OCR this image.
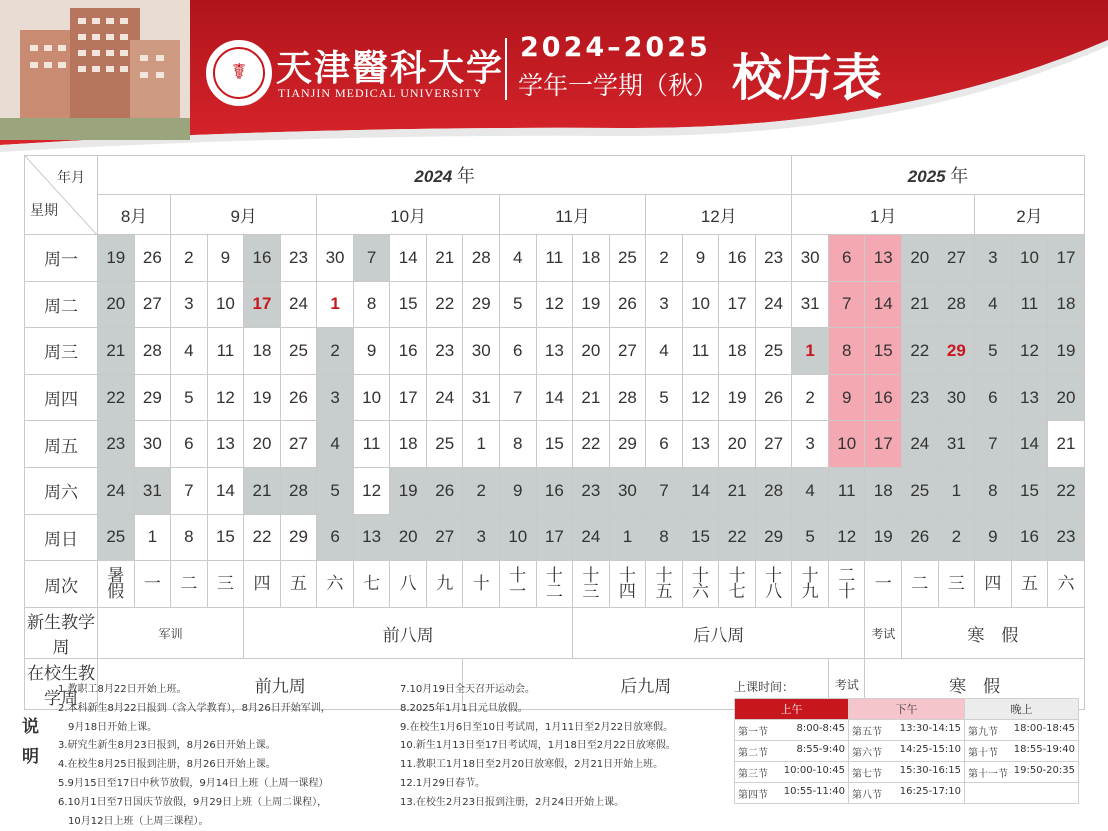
☤ 天津醫科大学
TIANJIN MEDICAL UNIVERSITY
2024–2025
学年一学期（秋） 校历表
年月
星期	2024 年																			2025 年							
	8月		9月				10月					11月				12月				1月					2月		
周一	19	26	2	9	16	23	30	7	14	21	28	4	11	18	25	2	9	16	23	30	6	13	20	27	3	10	17
周二	20	27	3	10	17	24	1	8	15	22	29	5	12	19	26	3	10	17	24	31	7	14	21	28	4	11	18
周三	21	28	4	11	18	25	2	9	16	23	30	6	13	20	27	4	11	18	25	1	8	15	22	29	5	12	19
周四	22	29	5	12	19	26	3	10	17	24	31	7	14	21	28	5	12	19	26	2	9	16	23	30	6	13	20
周五	23	30	6	13	20	27	4	11	18	25	1	8	15	22	29	6	13	20	27	3	10	17	24	31	7	14	21
周六	24	31	7	14	21	28	5	12	19	26	2	9	16	23	30	7	14	21	28	4	11	18	25	1	8	15	22
周日	25	1	8	15	22	29	6	13	20	27	3	10	17	24	1	8	15	22	29	5	12	19	26	2	9	16	23
周次	暑假	一	二	三	四	五	六	七	八	九	十	十一	十二	十三	十四	十五	十六	十七	十八	十九	二十	一	二	三	四	五	六
新生教学周	军训				前八周									后八周								考试	寒　假				
在校生教学周	前九周										后九周										考试	寒　假					
说明
1.教职工8月22日开始上班。
2.本科新生8月22日报到（含入学教育），8月26日开始军训，
　9月18日开始上课。
3.研究生新生8月23日报到，8月26日开始上课。
4.在校生8月25日报到注册，8月26日开始上课。
5.9月15日至17日中秋节放假，9月14日上班（上周一课程）
6.10月1日至7日国庆节放假，9月29日上班（上周二课程），
　10月12日上班（上周三课程）。
7.10月19日全天召开运动会。
8.2025年1月1日元旦放假。
9.在校生1月6日至10日考试周，1月11日至2月22日放寒假。
10.新生1月13日至17日考试周，1月18日至2月22日放寒假。
11.教职工1月18日至2月20日放寒假，2月21日开始上班。
12.1月29日春节。
13.在校生2月23日报到注册，2月24日开始上课。
上课时间：
上午	下午	晚上

第一节 8:00-8:45	第五节 13:30-14:15	第九节 18:00-18:45

第二节 8:55-9:40	第六节 14:25-15:10	第十节 18:55-19:40

第三节 10:00-10:45	第七节 15:30-16:15	第十一节 19:50-20:35

第四节 10:55-11:40	第八节 16:25-17:10	
